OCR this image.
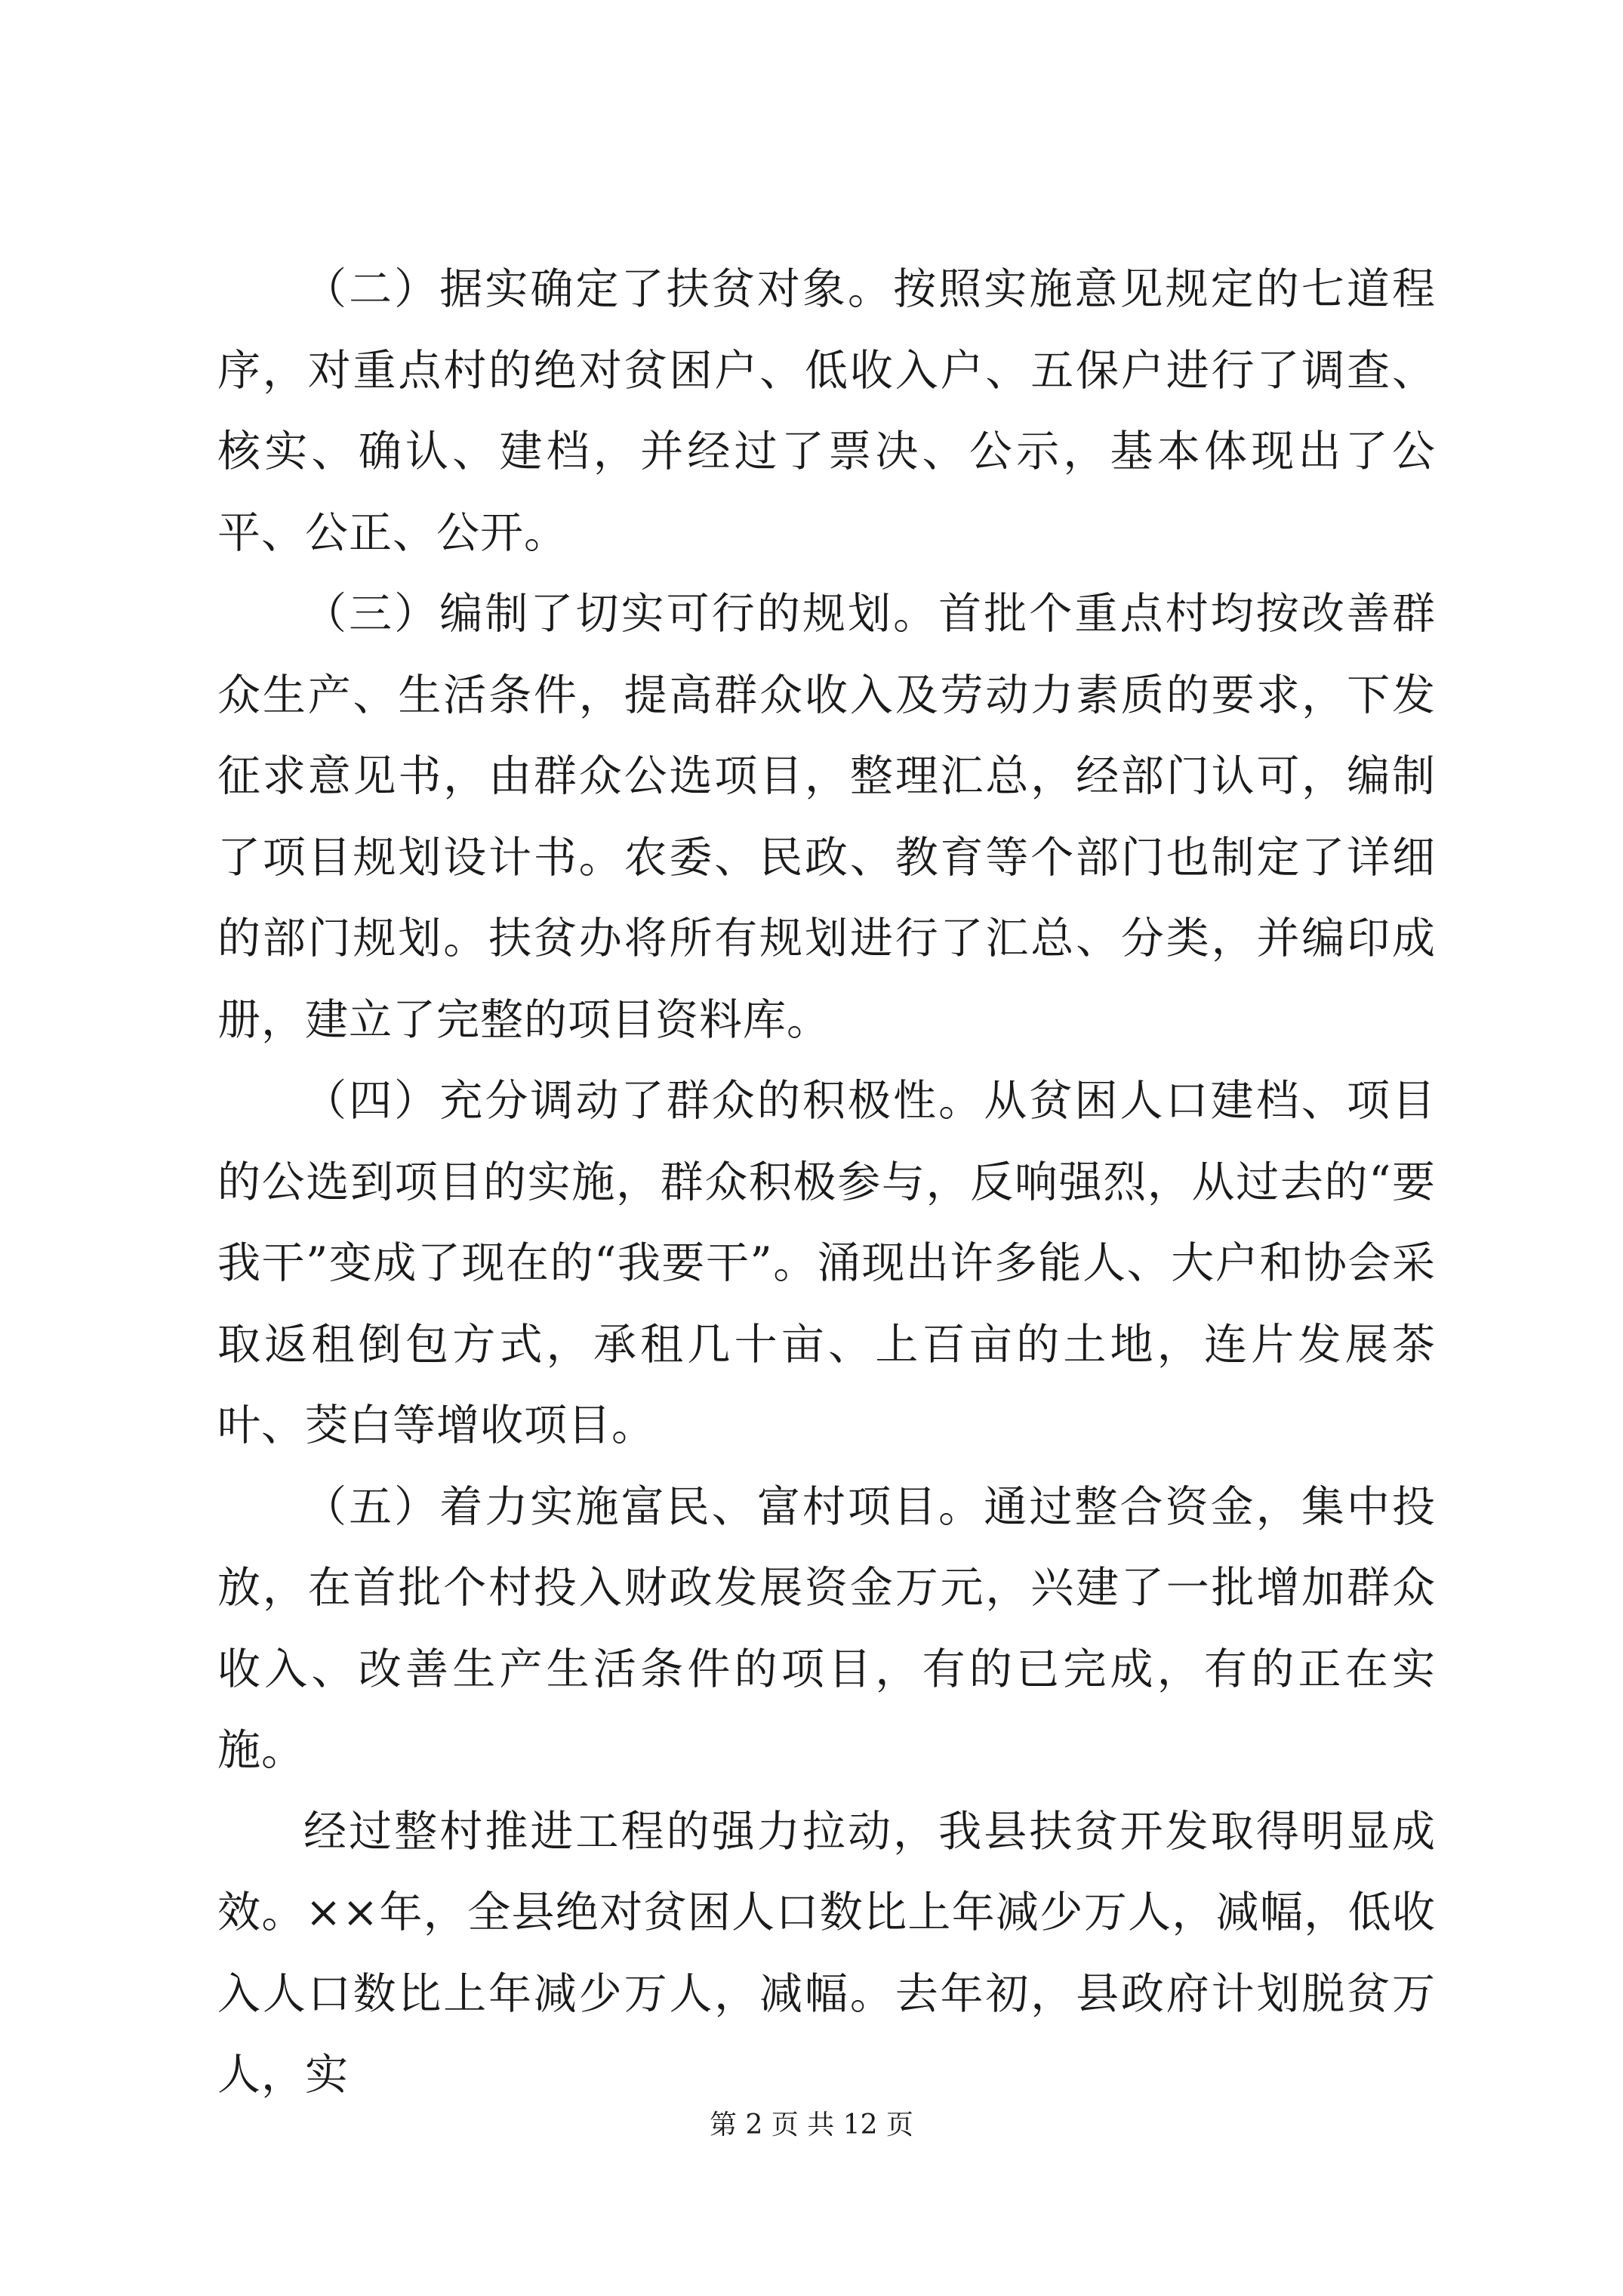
（二）据实确定了扶贫对象。按照实施意见规定的七道程序，对重点村的绝对贫困户、低收入户、五保户进行了调查、核实、确认、建档，并经过了票决、公示，基本体现出了公平、公正、公开。

（三）编制了切实可行的规划。首批个重点村均按改善群众生产、生活条件，提高群众收入及劳动力素质的要求，下发征求意见书，由群众公选项目，整理汇总，经部门认可，编制了项目规划设计书。农委、民政、教育等个部门也制定了详细的部门规划。扶贫办将所有规划进行了汇总、分类，并编印成册，建立了完整的项目资料库。

（四）充分调动了群众的积极性。从贫困人口建档、项目的公选到项目的实施，群众积极参与，反响强烈，从过去的“要我干”变成了现在的“我要干”。涌现出许多能人、大户和协会采取返租倒包方式，承租几十亩、上百亩的土地，连片发展茶叶、茭白等增收项目。

（五）着力实施富民、富村项目。通过整合资金，集中投放，在首批个村投入财政发展资金万元，兴建了一批增加群众收入、改善生产生活条件的项目，有的已完成，有的正在实施。

经过整村推进工程的强力拉动，我县扶贫开发取得明显成效。××年，全县绝对贫困人口数比上年减少万人，减幅，低收入人口数比上年减少万人，减幅。去年初，县政府计划脱贫万人，实

第 2 页 共 12 页
